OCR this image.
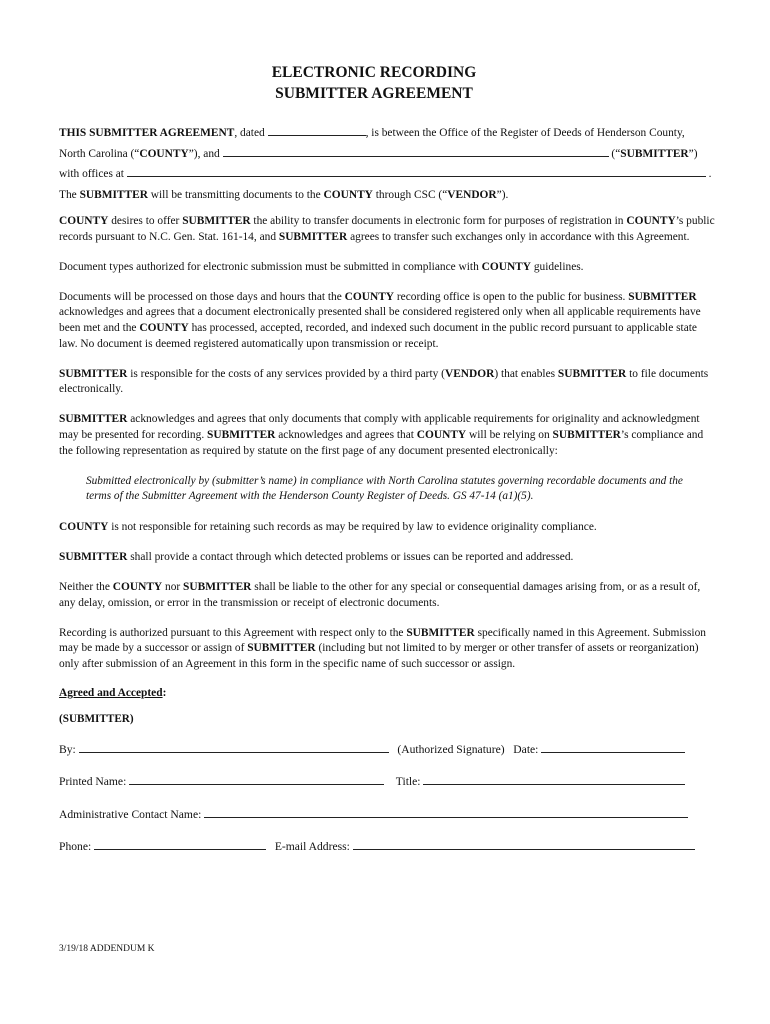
ELECTRONIC RECORDING
SUBMITTER AGREEMENT
THIS SUBMITTER AGREEMENT, dated	, is between the Office of the Register of Deeds of Henderson County,
North Carolina (“COUNTY”), and	(“SUBMITTER”)
with offices at	.
The SUBMITTER will be transmitting documents to the COUNTY through CSC (“VENDOR”).
COUNTY desires to offer SUBMITTER the ability to transfer documents in electronic form for purposes of registration in COUNTY’s public records pursuant to N.C. Gen. Stat. 161-14, and SUBMITTER agrees to transfer such exchanges only in accordance with this Agreement.
Document types authorized for electronic submission must be submitted in compliance with COUNTY guidelines.
Documents will be processed on those days and hours that the COUNTY recording office is open to the public for business. SUBMITTER acknowledges and agrees that a document electronically presented shall be considered registered only when all applicable requirements have been met and the COUNTY has processed, accepted, recorded, and indexed such document in the public record pursuant to applicable state law. No document is deemed registered automatically upon transmission or receipt.
SUBMITTER is responsible for the costs of any services provided by a third party (VENDOR) that enables SUBMITTER to file documents electronically.
SUBMITTER acknowledges and agrees that only documents that comply with applicable requirements for originality and acknowledgment may be presented for recording. SUBMITTER acknowledges and agrees that COUNTY will be relying on SUBMITTER’s compliance and the following representation as required by statute on the first page of any document presented electronically:
Submitted electronically by (submitter’s name) in compliance with North Carolina statutes governing recordable documents and the terms of the Submitter Agreement with the Henderson County Register of Deeds. GS 47-14 (a1)(5).
COUNTY is not responsible for retaining such records as may be required by law to evidence originality compliance.
SUBMITTER shall provide a contact through which detected problems or issues can be reported and addressed.
Neither the COUNTY nor SUBMITTER shall be liable to the other for any special or consequential damages arising from, or as a result of, any delay, omission, or error in the transmission or receipt of electronic documents.
Recording is authorized pursuant to this Agreement with respect only to the SUBMITTER specifically named in this Agreement. Submission may be made by a successor or assign of SUBMITTER (including but not limited to by merger or other transfer of assets or reorganization) only after submission of an Agreement in this form in the specific name of such successor or assign.
Agreed and Accepted:
(SUBMITTER)
By:	(Authorized Signature) Date:
Printed Name:	Title:
Administrative Contact Name:
Phone:	E-mail Address:
3/19/18 ADDENDUM K
